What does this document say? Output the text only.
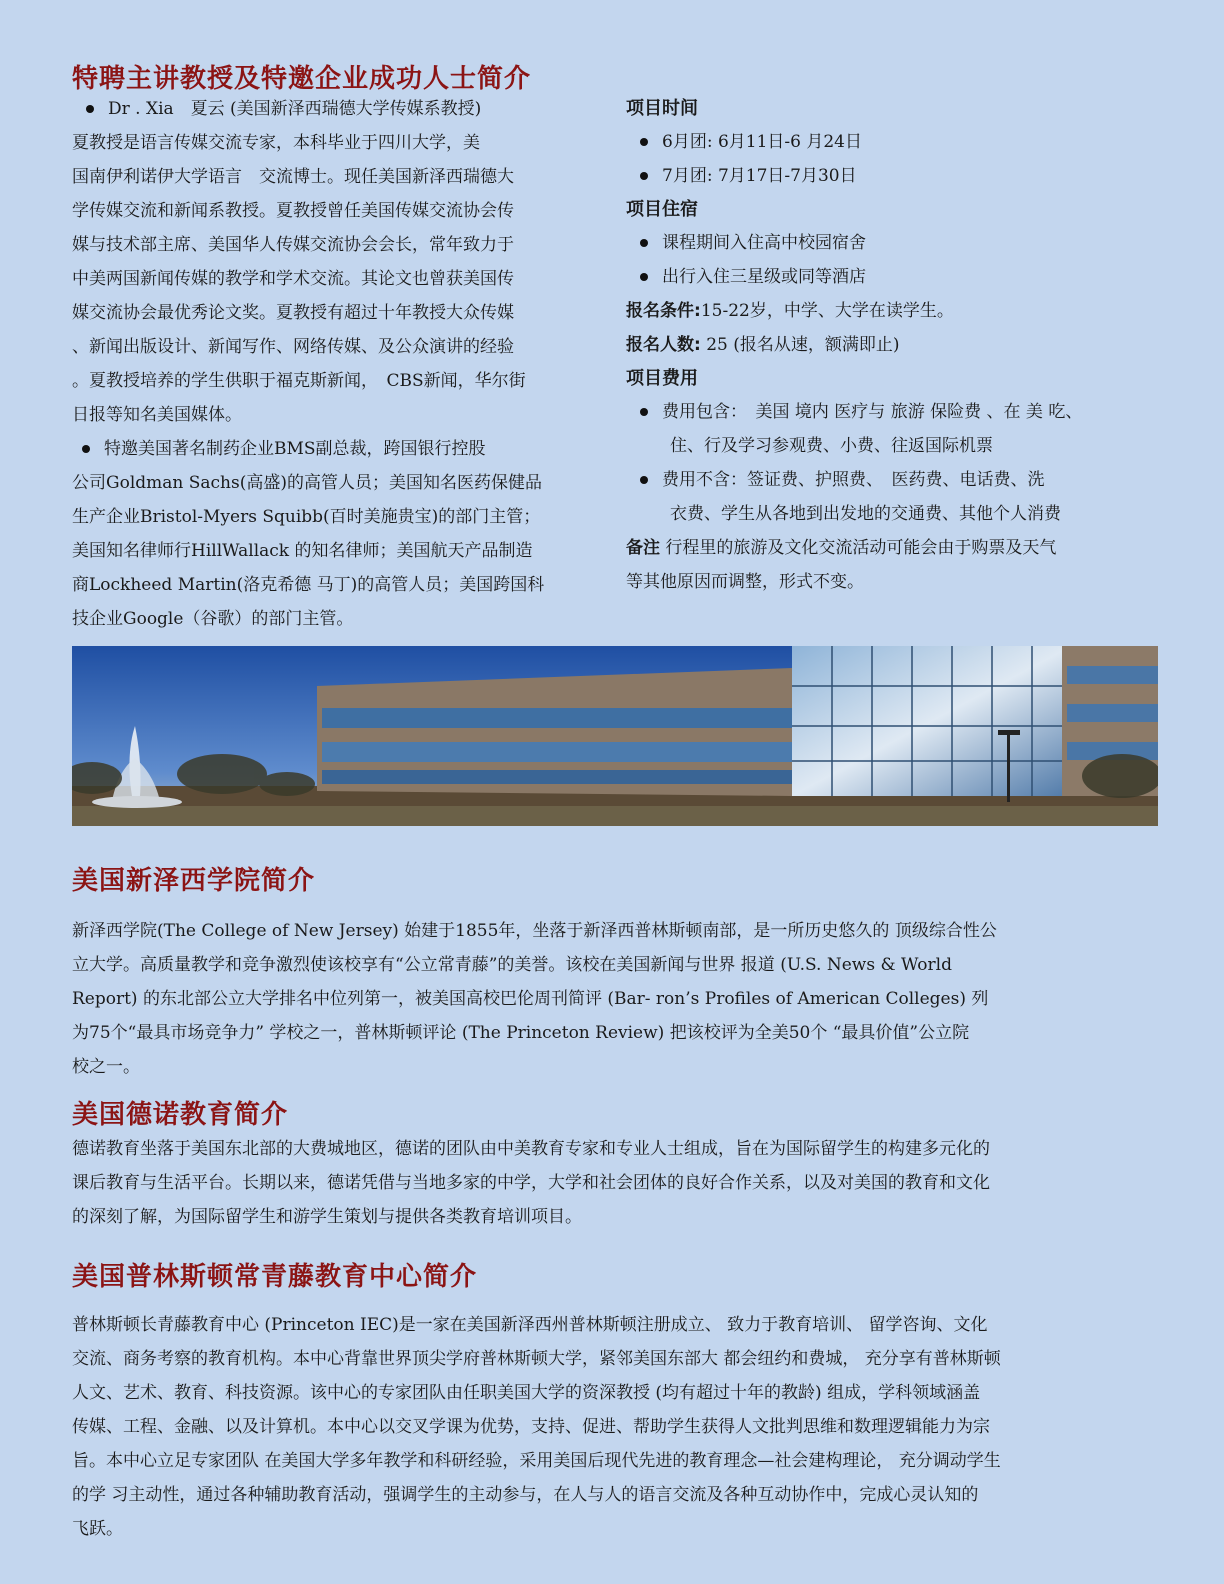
特聘主讲教授及特邀企业成功人士简介
Dr . Xia　夏云 (美国新泽西瑞德大学传媒系教授)
夏教授是语言传媒交流专家，本科毕业于四川大学，美
国南伊利诺伊大学语言　交流博士。现任美国新泽西瑞德大
学传媒交流和新闻系教授。夏教授曾任美国传媒交流协会传
媒与技术部主席、美国华人传媒交流协会会长，常年致力于
中美两国新闻传媒的教学和学术交流。其论文也曾获美国传
媒交流协会最优秀论文奖。夏教授有超过十年教授大众传媒
、新闻出版设计、新闻写作、网络传媒、及公众演讲的经验
。夏教授培养的学生供职于福克斯新闻，　CBS新闻，华尔街
日报等知名美国媒体。
特邀美国著名制药企业BMS副总裁，跨国银行控股
公司Goldman Sachs(高盛)的高管人员；美国知名医药保健品
生产企业Bristol-Myers Squibb(百时美施贵宝)的部门主管；
美国知名律师行HillWallack 的知名律师；美国航天产品制造
商Lockheed Martin(洛克希德 马丁)的高管人员；美国跨国科
技企业Google（谷歌）的部门主管。
项目时间
6月团: 6月11日-6 月24日
7月团: 7月17日-7月30日
项目住宿
课程期间入住高中校园宿舍
出行入住三星级或同等酒店
报名条件:15-22岁，中学、大学在读学生。
报名人数: 25 (报名从速，额满即止)
项目费用
费用包含：　美国 境内 医疗与 旅游 保险费 、在 美 吃、
住、行及学习参观费、小费、往返国际机票
费用不含：签证费、护照费、　医药费、电话费、洗
衣费、学生从各地到出发地的交通费、其他个人消费
备注 行程里的旅游及文化交流活动可能会由于购票及天气
等其他原因而调整，形式不变。
美国新泽西学院简介
新泽西学院(The College of New Jersey) 始建于1855年，坐落于新泽西普林斯顿南部，是一所历史悠久的 顶级综合性公
立大学。高质量教学和竞争激烈使该校享有“公立常青藤”的美誉。该校在美国新闻与世界 报道 (U.S. News & World
Report) 的东北部公立大学排名中位列第一，被美国高校巴伦周刊简评 (Bar- ron’s Profiles of American Colleges) 列
为75个“最具市场竞争力” 学校之一，普林斯顿评论 (The Princeton Review) 把该校评为全美50个 “最具价值”公立院
校之一。
美国德诺教育简介
德诺教育坐落于美国东北部的大费城地区，德诺的团队由中美教育专家和专业人士组成，旨在为国际留学生的构建多元化的
课后教育与生活平台。长期以来，德诺凭借与当地多家的中学，大学和社会团体的良好合作关系，以及对美国的教育和文化
的深刻了解，为国际留学生和游学生策划与提供各类教育培训项目。
美国普林斯顿常青藤教育中心简介
普林斯顿长青藤教育中心 (Princeton IEC)是一家在美国新泽西州普林斯顿注册成立、 致力于教育培训、 留学咨询、文化
交流、商务考察的教育机构。本中心背靠世界顶尖学府普林斯顿大学，紧邻美国东部大 都会纽约和费城， 充分享有普林斯顿
人文、艺术、教育、科技资源。该中心的专家团队由任职美国大学的资深教授 (均有超过十年的教龄) 组成，学科领域涵盖
传媒、工程、金融、以及计算机。本中心以交叉学课为优势，支持、促进、帮助学生获得人文批判思维和数理逻辑能力为宗
旨。本中心立足专家团队 在美国大学多年教学和科研经验，采用美国后现代先进的教育理念—社会建构理论， 充分调动学生
的学 习主动性，通过各种辅助教育活动，强调学生的主动参与，在人与人的语言交流及各种互动协作中，完成心灵认知的
飞跃。
